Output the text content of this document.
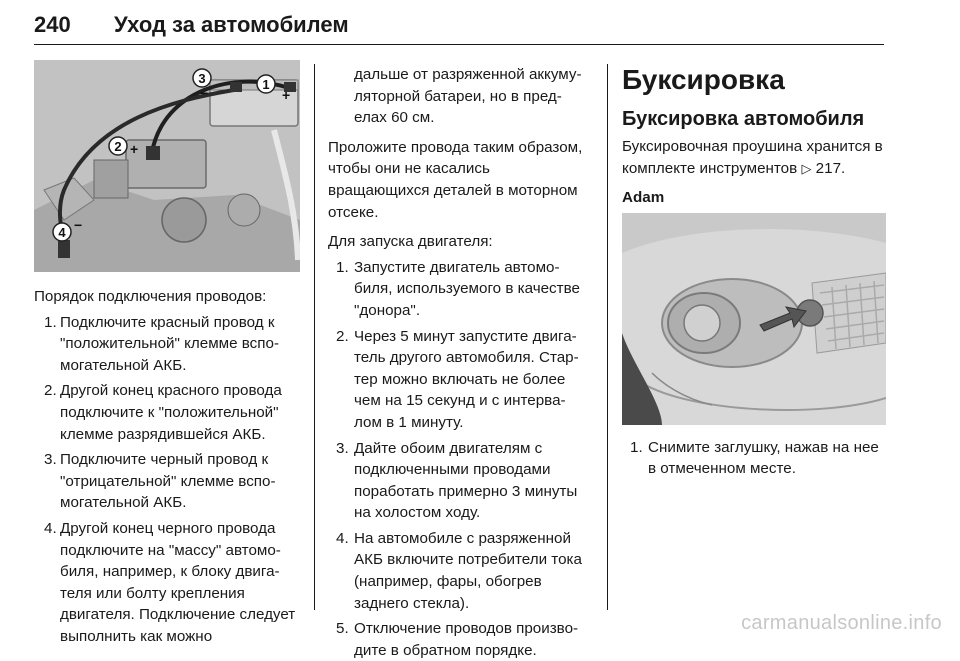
240 Уход за автомобилем
1
+
3
−
2 +
4 −

Порядок подключения проводов:

1. Подключите красный провод к "положительной" клемме вспо- могательной АКБ.
2. Другой конец красного провода подключите к "положительной" клемме разрядившейся АКБ.
3. Подключите черный провод к "отрицательной" клемме вспо- могательной АКБ.
4. Другой конец черного провода подключите на "массу" автомо- биля, например, к блоку двига- теля или болту крепления двигателя. Подключение следует выполнить как можно

дальше от разряженной аккуму- ляторной батареи, но в пред- елах 60 см.

Проложите провода таким образом, чтобы они не касались вращающихся деталей в моторном отсеке.

Для запуска двигателя:

1. Запустите двигатель автомо- биля, используемого в качестве "донора".
2. Через 5 минут запустите двига- тель другого автомобиля. Стар- тер можно включать не более чем на 15 секунд и с интерва- лом в 1 минуту.
3. Дайте обоим двигателям с подключенными проводами поработать примерно 3 минуты на холостом ходу.
4. На автомобиле с разряженной АКБ включите потребители тока (например, фары, обогрев заднего стекла).
5. Отключение проводов произво- дите в обратном порядке.
Буксировка
Буксировка автомобиля

Буксировочная проушина хранится в комплекте инструментов ▷ 217.

Adam
1. Снимите заглушку, нажав на нее в отмеченном месте.
carmanualsonline.info
